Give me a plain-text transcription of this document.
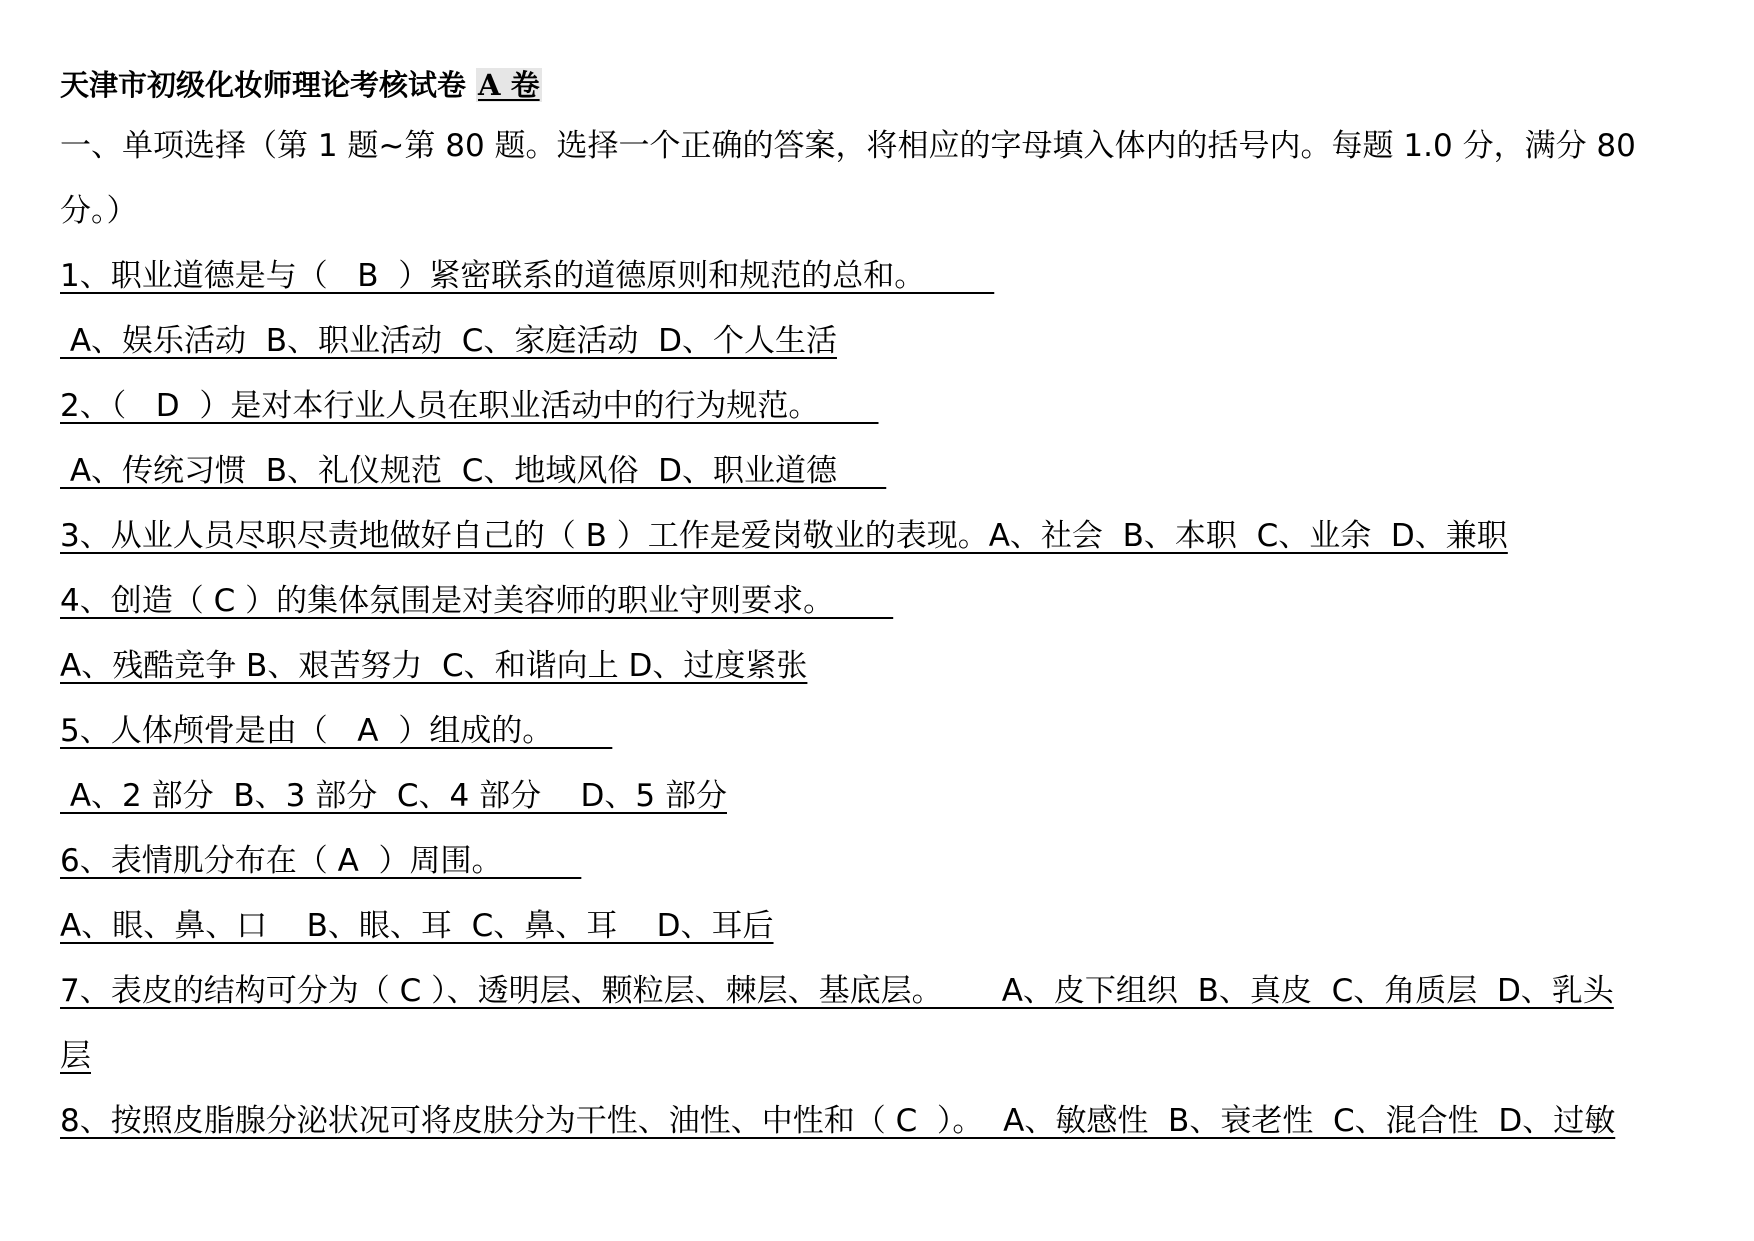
天津市初级化妆师理论考核试卷 A 卷
一、单项选择（第 1 题~第 80 题。选择一个正确的答案，将相应的字母填入体内的括号内。每题 1.0 分，满分 80
分。）
1、职业道德是与（   B  ）紧密联系的道德原则和规范的总和。
A、娱乐活动  B、职业活动  C、家庭活动  D、个人生活
2、（   D  ）是对本行业人员在职业活动中的行为规范。
A、传统习惯  B、礼仪规范  C、地域风俗  D、职业道德
3、从业人员尽职尽责地做好自己的（ B ）工作是爱岗敬业的表现。A、社会  B、本职  C、业余  D、兼职
4、创造（ C ）的集体氛围是对美容师的职业守则要求。
A、残酷竞争 B、艰苦努力  C、和谐向上 D、过度紧张
5、人体颅骨是由（   A  ）组成的。
A、2 部分  B、3 部分  C、4 部分    D、5 部分
6、表情肌分布在（ A  ）周围。
A、眼、鼻、口    B、眼、耳  C、鼻、耳    D、耳后
7、表皮的结构可分为（ C ）、透明层、颗粒层、棘层、基底层。      A、皮下组织  B、真皮  C、角质层  D、乳头
层
8、按照皮脂腺分泌状况可将皮肤分为干性、油性、中性和（ C  ）。  A、敏感性  B、衰老性  C、混合性  D、过敏
